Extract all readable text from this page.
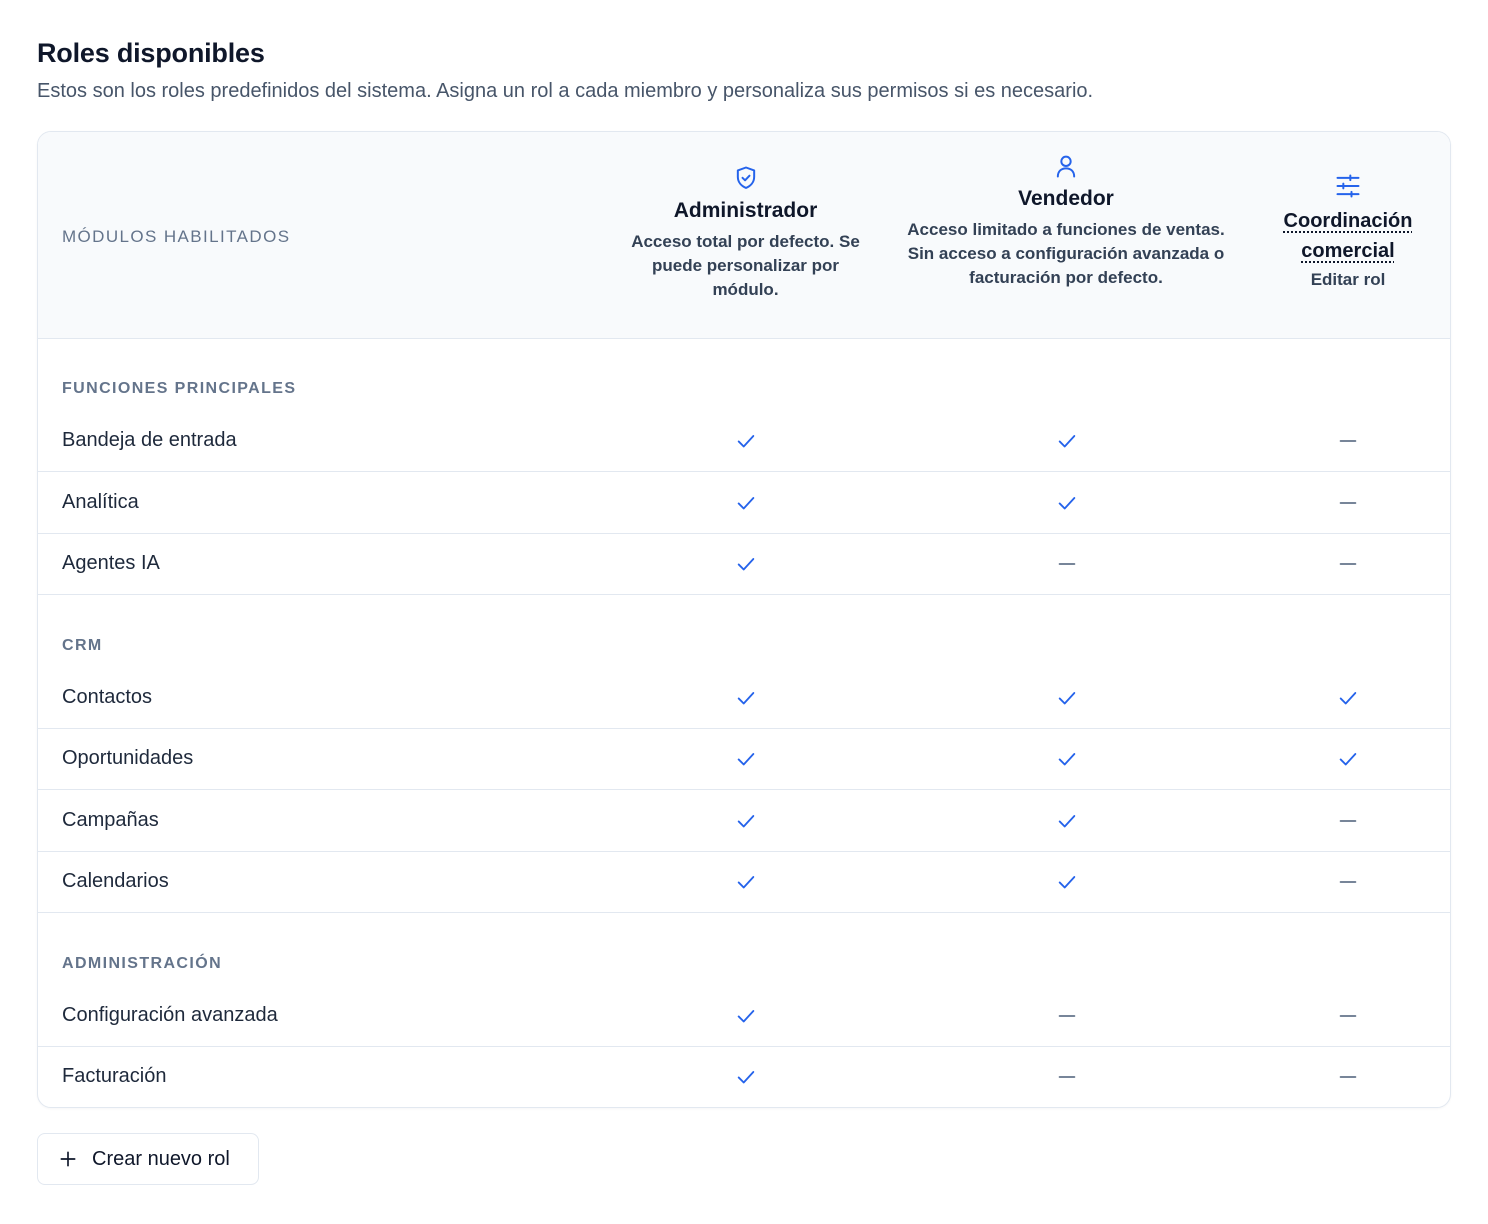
Roles disponibles

Estos son los roles predefinidos del sistema. Asigna un rol a cada miembro y personaliza sus permisos si es necesario.

MÓDULOS HABILITADOS
Administrador
Acceso total por defecto. Se puede personalizar por módulo.
Vendedor
Acceso limitado a funciones de ventas. Sin acceso a configuración avanzada o facturación por defecto.
Coordinación comercial
Editar rol
FUNCIONES PRINCIPALES
Bandeja de entrada
Analítica
Agentes IA
CRM
Contactos
Oportunidades
Campañas
Calendarios
ADMINISTRACIÓN
Configuración avanzada
Facturación
Crear nuevo rol
